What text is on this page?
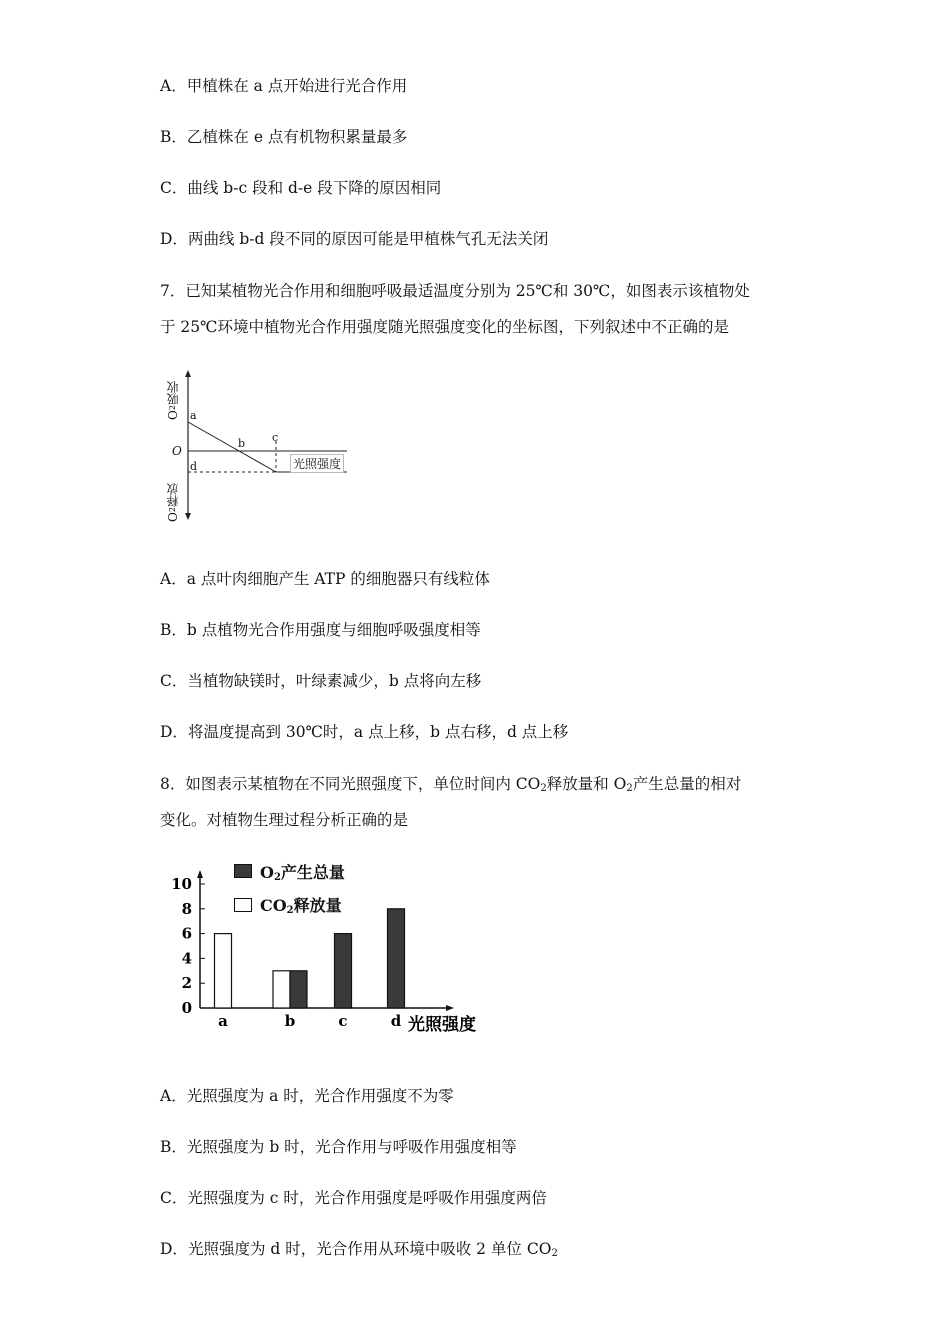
A．甲植株在 a 点开始进行光合作用
B．乙植株在 e 点有机物积累量最多
C．曲线 b-c 段和 d-e 段下降的原因相同
D．两曲线 b-d 段不同的原因可能是甲植株气孔无法关闭
7．已知某植物光合作用和细胞呼吸最适温度分别为 25℃和 30℃，如图表示该植物处
于 25℃环境中植物光合作用强度随光照强度变化的坐标图，下列叙述中不正确的是
O2吸收
O2释放
O
a
b c
d	光照强度
A．a 点叶肉细胞产生 ATP 的细胞器只有线粒体
B．b 点植物光合作用强度与细胞呼吸强度相等
C．当植物缺镁时，叶绿素减少，b 点将向左移
D．将温度提高到 30℃时，a 点上移，b 点右移，d 点上移
8．如图表示某植物在不同光照强度下，单位时间内 $CO_2$释放量和 $O_2$产生总量的相对
变化。对植物生理过程分析正确的是
0
2
4
6
8
10
a	b	c	d 光照强度
$O_2$产生总量
$CO_2$释放量
A．光照强度为 a 时，光合作用强度不为零
B．光照强度为 b 时，光合作用与呼吸作用强度相等
C．光照强度为 c 时，光合作用强度是呼吸作用强度两倍
D．光照强度为 d 时，光合作用从环境中吸收 2 单位 $CO_2$
